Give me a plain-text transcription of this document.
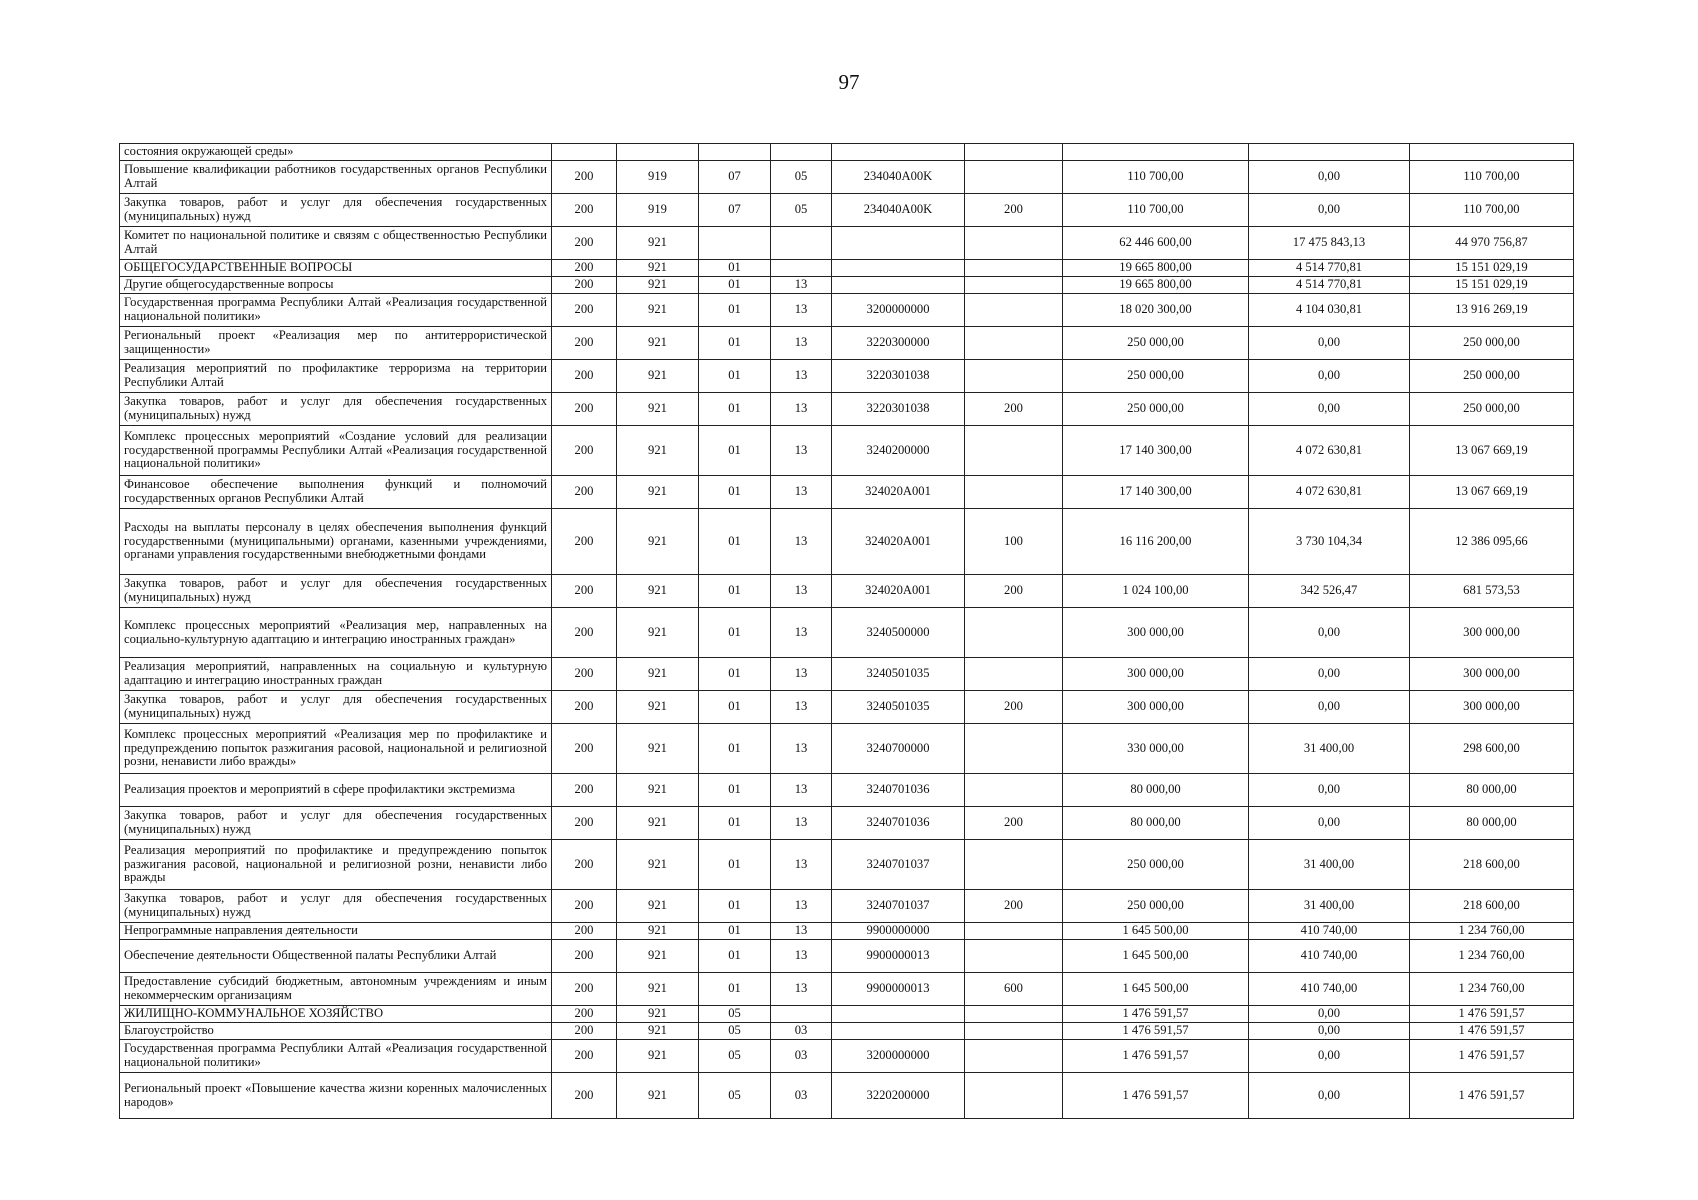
97
состояния окружающей среды»									
Повышение квалификации работников государственных органов Республики Алтай	200	919	07	05	234040A00K		110 700,00	0,00	110 700,00
Закупка товаров, работ и услуг для обеспечения государственных (муниципальных) нужд	200	919	07	05	234040A00K	200	110 700,00	0,00	110 700,00
Комитет по национальной политике и связям с общественностью Республики Алтай	200	921					62 446 600,00	17 475 843,13	44 970 756,87
ОБЩЕГОСУДАРСТВЕННЫЕ ВОПРОСЫ	200	921	01				19 665 800,00	4 514 770,81	15 151 029,19
Другие общегосударственные вопросы	200	921	01	13			19 665 800,00	4 514 770,81	15 151 029,19
Государственная программа Республики Алтай «Реализация государственной национальной политики»	200	921	01	13	3200000000		18 020 300,00	4 104 030,81	13 916 269,19
Региональный проект «Реализация мер по антитеррористической защищенности»	200	921	01	13	3220300000		250 000,00	0,00	250 000,00
Реализация мероприятий по профилактике терроризма на территории Республики Алтай	200	921	01	13	3220301038		250 000,00	0,00	250 000,00
Закупка товаров, работ и услуг для обеспечения государственных (муниципальных) нужд	200	921	01	13	3220301038	200	250 000,00	0,00	250 000,00
Комплекс процессных мероприятий «Создание условий для реализации государственной программы Республики Алтай «Реализация государственной национальной политики»	200	921	01	13	3240200000		17 140 300,00	4 072 630,81	13 067 669,19
Финансовое обеспечение выполнения функций и полномочий государственных органов Республики Алтай	200	921	01	13	324020A001		17 140 300,00	4 072 630,81	13 067 669,19
Расходы на выплаты персоналу в целях обеспечения выполнения функций государственными (муниципальными) органами, казенными учреждениями, органами управления государственными внебюджетными фондами	200	921	01	13	324020A001	100	16 116 200,00	3 730 104,34	12 386 095,66
Закупка товаров, работ и услуг для обеспечения государственных (муниципальных) нужд	200	921	01	13	324020A001	200	1 024 100,00	342 526,47	681 573,53
Комплекс процессных мероприятий «Реализация мер, направленных на социально-культурную адаптацию и интеграцию иностранных граждан»	200	921	01	13	3240500000		300 000,00	0,00	300 000,00
Реализация мероприятий, направленных на социальную и культурную адаптацию и интеграцию иностранных граждан	200	921	01	13	3240501035		300 000,00	0,00	300 000,00
Закупка товаров, работ и услуг для обеспечения государственных (муниципальных) нужд	200	921	01	13	3240501035	200	300 000,00	0,00	300 000,00
Комплекс процессных мероприятий «Реализация мер по профилактике и предупреждению попыток разжигания расовой, национальной и религиозной розни, ненависти либо вражды»	200	921	01	13	3240700000		330 000,00	31 400,00	298 600,00
Реализация проектов и мероприятий в сфере профилактики экстремизма	200	921	01	13	3240701036		80 000,00	0,00	80 000,00
Закупка товаров, работ и услуг для обеспечения государственных (муниципальных) нужд	200	921	01	13	3240701036	200	80 000,00	0,00	80 000,00
Реализация мероприятий по профилактике и предупреждению попыток разжигания расовой, национальной и религиозной розни, ненависти либо вражды	200	921	01	13	3240701037		250 000,00	31 400,00	218 600,00
Закупка товаров, работ и услуг для обеспечения государственных (муниципальных) нужд	200	921	01	13	3240701037	200	250 000,00	31 400,00	218 600,00
Непрограммные направления деятельности	200	921	01	13	9900000000		1 645 500,00	410 740,00	1 234 760,00
Обеспечение деятельности Общественной палаты Республики Алтай	200	921	01	13	9900000013		1 645 500,00	410 740,00	1 234 760,00
Предоставление субсидий бюджетным, автономным учреждениям и иным некоммерческим организациям	200	921	01	13	9900000013	600	1 645 500,00	410 740,00	1 234 760,00
ЖИЛИЩНО-КОММУНАЛЬНОЕ ХОЗЯЙСТВО	200	921	05				1 476 591,57	0,00	1 476 591,57
Благоустройство	200	921	05	03			1 476 591,57	0,00	1 476 591,57
Государственная программа Республики Алтай «Реализация государственной национальной политики»	200	921	05	03	3200000000		1 476 591,57	0,00	1 476 591,57
Региональный проект «Повышение качества жизни коренных малочисленных народов»	200	921	05	03	3220200000		1 476 591,57	0,00	1 476 591,57
